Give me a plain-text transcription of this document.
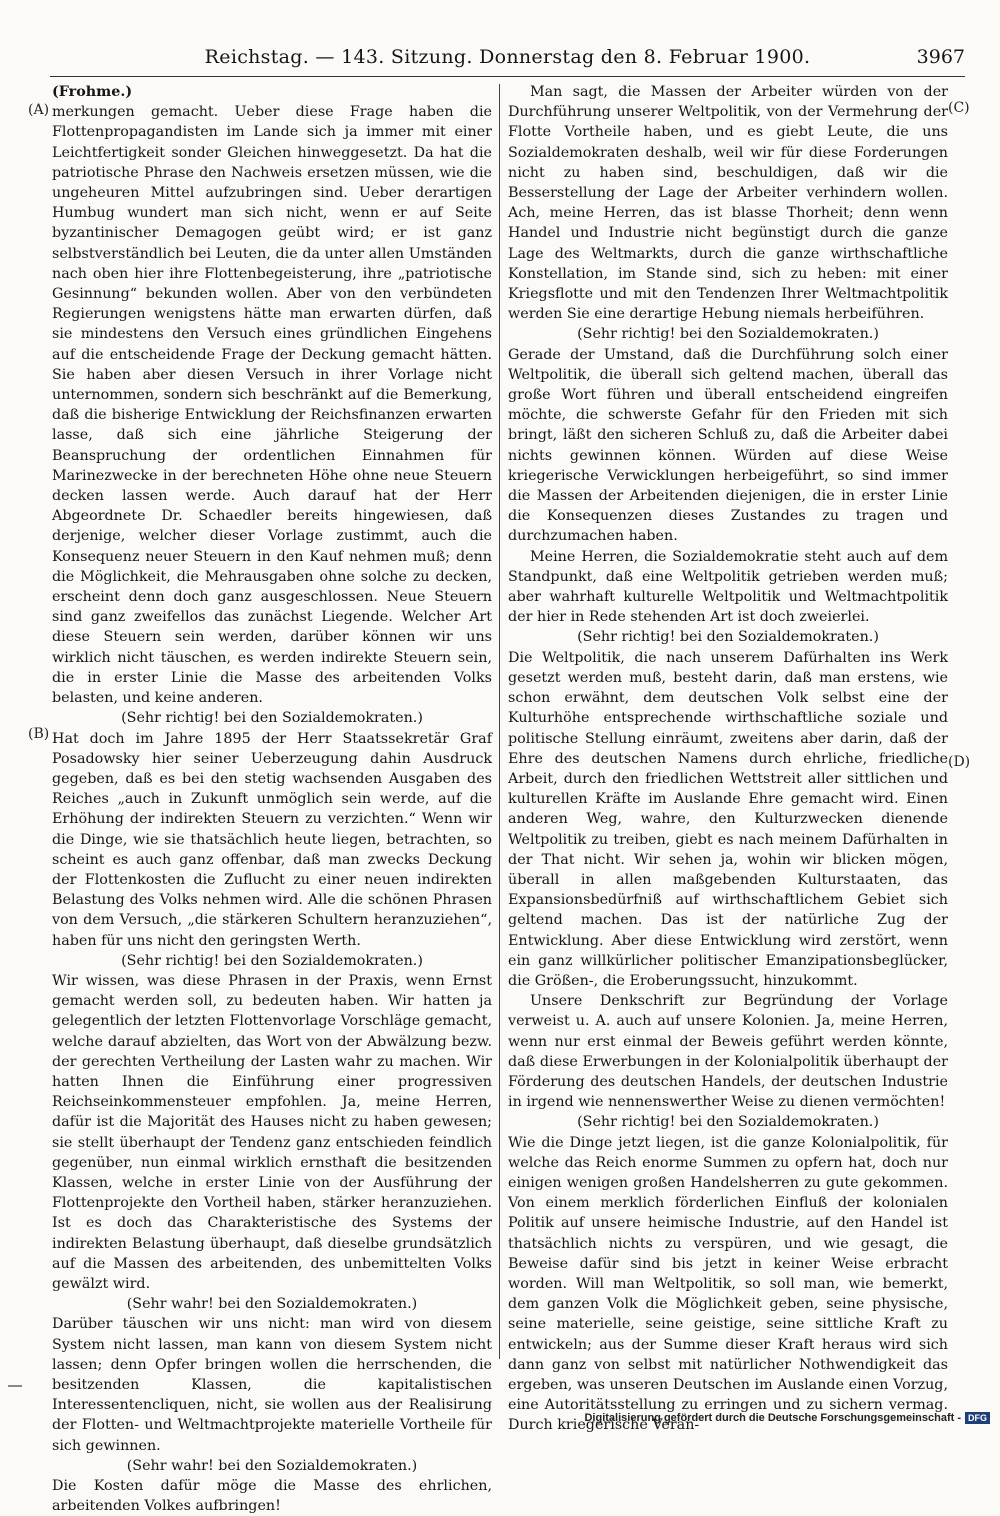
Reichstag. — 143. Sitzung. Donnerstag den 8. Februar 1900.	3967
(A)
(B)
(C)
(D)

(Frohme.)

merkungen gemacht. Ueber diese Frage haben die Flottenpropagandisten im Lande sich ja immer mit einer Leichtfertigkeit sonder Gleichen hinweggesetzt. Da hat die patriotische Phrase den Nachweis ersetzen müssen, wie die ungeheuren Mittel aufzubringen sind. Ueber derartigen Humbug wundert man sich nicht, wenn er auf Seite byzantinischer Demagogen geübt wird; er ist ganz selbstverständlich bei Leuten, die da unter allen Umständen nach oben hier ihre Flottenbegeisterung, ihre „patriotische Gesinnung“ bekunden wollen. Aber von den verbündeten Regierungen wenigstens hätte man erwarten dürfen, daß sie mindestens den Versuch eines gründlichen Eingehens auf die entscheidende Frage der Deckung gemacht hätten. Sie haben aber diesen Versuch in ihrer Vorlage nicht unternommen, sondern sich beschränkt auf die Bemerkung, daß die bisherige Entwicklung der Reichsfinanzen erwarten lasse, daß sich eine jährliche Steigerung der Beanspruchung der ordentlichen Einnahmen für Marinezwecke in der berechneten Höhe ohne neue Steuern decken lassen werde. Auch darauf hat der Herr Abgeordnete Dr. Schaedler bereits hingewiesen, daß derjenige, welcher dieser Vorlage zustimmt, auch die Konsequenz neuer Steuern in den Kauf nehmen muß; denn die Möglichkeit, die Mehrausgaben ohne solche zu decken, erscheint denn doch ganz ausgeschlossen. Neue Steuern sind ganz zweifellos das zunächst Liegende. Welcher Art diese Steuern sein werden, darüber können wir uns wirklich nicht täuschen, es werden indirekte Steuern sein, die in erster Linie die Masse des arbeitenden Volks belasten, und keine anderen.

(Sehr richtig! bei den Sozialdemokraten.)

Hat doch im Jahre 1895 der Herr Staatssekretär Graf Posadowsky hier seiner Ueberzeugung dahin Ausdruck gegeben, daß es bei den stetig wachsenden Ausgaben des Reiches „auch in Zukunft unmöglich sein werde, auf die Erhöhung der indirekten Steuern zu verzichten.“ Wenn wir die Dinge, wie sie thatsächlich heute liegen, betrachten, so scheint es auch ganz offenbar, daß man zwecks Deckung der Flottenkosten die Zuflucht zu einer neuen indirekten Belastung des Volks nehmen wird. Alle die schönen Phrasen von dem Versuch, „die stärkeren Schultern heranzuziehen“, haben für uns nicht den geringsten Werth.

(Sehr richtig! bei den Sozialdemokraten.)

Wir wissen, was diese Phrasen in der Praxis, wenn Ernst gemacht werden soll, zu bedeuten haben. Wir hatten ja gelegentlich der letzten Flottenvorlage Vorschläge gemacht, welche darauf abzielten, das Wort von der Abwälzung bezw. der gerechten Vertheilung der Lasten wahr zu machen. Wir hatten Ihnen die Einführung einer progressiven Reichseinkommensteuer empfohlen. Ja, meine Herren, dafür ist die Majorität des Hauses nicht zu haben gewesen; sie stellt überhaupt der Tendenz ganz entschieden feindlich gegenüber, nun einmal wirklich ernsthaft die besitzenden Klassen, welche in erster Linie von der Ausführung der Flottenprojekte den Vortheil haben, stärker heranzuziehen. Ist es doch das Charakteristische des Systems der indirekten Belastung überhaupt, daß dieselbe grundsätzlich auf die Massen des arbeitenden, des unbemittelten Volks gewälzt wird.

(Sehr wahr! bei den Sozialdemokraten.)

Darüber täuschen wir uns nicht: man wird von diesem System nicht lassen, man kann von diesem System nicht lassen; denn Opfer bringen wollen die herrschenden, die besitzenden Klassen, die kapitalistischen Interessentencliquen, nicht, sie wollen aus der Realisirung der Flotten- und Weltmachtprojekte materielle Vortheile für sich gewinnen.

(Sehr wahr! bei den Sozialdemokraten.)

Die Kosten dafür möge die Masse des ehrlichen, arbeitenden Volkes aufbringen!

Man sagt, die Massen der Arbeiter würden von der Durchführung unserer Weltpolitik, von der Vermehrung der Flotte Vortheile haben, und es giebt Leute, die uns Sozialdemokraten deshalb, weil wir für diese Forderungen nicht zu haben sind, beschuldigen, daß wir die Besserstellung der Lage der Arbeiter verhindern wollen. Ach, meine Herren, das ist blasse Thorheit; denn wenn Handel und Industrie nicht begünstigt durch die ganze Lage des Weltmarkts, durch die ganze wirthschaftliche Konstellation, im Stande sind, sich zu heben: mit einer Kriegsflotte und mit den Tendenzen Ihrer Weltmachtpolitik werden Sie eine derartige Hebung niemals herbeiführen.

(Sehr richtig! bei den Sozialdemokraten.)

Gerade der Umstand, daß die Durchführung solch einer Weltpolitik, die überall sich geltend machen, überall das große Wort führen und überall entscheidend eingreifen möchte, die schwerste Gefahr für den Frieden mit sich bringt, läßt den sicheren Schluß zu, daß die Arbeiter dabei nichts gewinnen können. Würden auf diese Weise kriegerische Verwicklungen herbeigeführt, so sind immer die Massen der Arbeitenden diejenigen, die in erster Linie die Konsequenzen dieses Zustandes zu tragen und durchzumachen haben.

Meine Herren, die Sozialdemokratie steht auch auf dem Standpunkt, daß eine Weltpolitik getrieben werden muß; aber wahrhaft kulturelle Weltpolitik und Weltmachtpolitik der hier in Rede stehenden Art ist doch zweierlei.

(Sehr richtig! bei den Sozialdemokraten.)

Die Weltpolitik, die nach unserem Dafürhalten ins Werk gesetzt werden muß, besteht darin, daß man erstens, wie schon erwähnt, dem deutschen Volk selbst eine der Kulturhöhe entsprechende wirthschaftliche soziale und politische Stellung einräumt, zweitens aber darin, daß der Ehre des deutschen Namens durch ehrliche, friedliche Arbeit, durch den friedlichen Wettstreit aller sittlichen und kulturellen Kräfte im Auslande Ehre gemacht wird. Einen anderen Weg, wahre, den Kulturzwecken dienende Weltpolitik zu treiben, giebt es nach meinem Dafürhalten in der That nicht. Wir sehen ja, wohin wir blicken mögen, überall in allen maßgebenden Kulturstaaten, das Expansionsbedürfniß auf wirthschaftlichem Gebiet sich geltend machen. Das ist der natürliche Zug der Entwicklung. Aber diese Entwicklung wird zerstört, wenn ein ganz willkürlicher politischer Emanzipationsbeglücker, die Größen-, die Eroberungssucht, hinzukommt.

Unsere Denkschrift zur Begründung der Vorlage verweist u. A. auch auf unsere Kolonien. Ja, meine Herren, wenn nur erst einmal der Beweis geführt werden könnte, daß diese Erwerbungen in der Kolonialpolitik überhaupt der Förderung des deutschen Handels, der deutschen Industrie in irgend wie nennenswerther Weise zu dienen vermöchten!

(Sehr richtig! bei den Sozialdemokraten.)

Wie die Dinge jetzt liegen, ist die ganze Kolonialpolitik, für welche das Reich enorme Summen zu opfern hat, doch nur einigen wenigen großen Handelsherren zu gute gekommen. Von einem merklich förderlichen Einfluß der kolonialen Politik auf unsere heimische Industrie, auf den Handel ist thatsächlich nichts zu verspüren, und wie gesagt, die Beweise dafür sind bis jetzt in keiner Weise erbracht worden. Will man Weltpolitik, so soll man, wie bemerkt, dem ganzen Volk die Möglichkeit geben, seine physische, seine materielle, seine geistige, seine sittliche Kraft zu entwickeln; aus der Summe dieser Kraft heraus wird sich dann ganz von selbst mit natürlicher Nothwendigkeit das ergeben, was unseren Deutschen im Auslande einen Vorzug, eine Autoritätsstellung zu erringen und zu sichern vermag. Durch kriegerische Veran-

Digitalisierung gefördert durch die Deutsche Forschungsgemeinschaft - DFG
